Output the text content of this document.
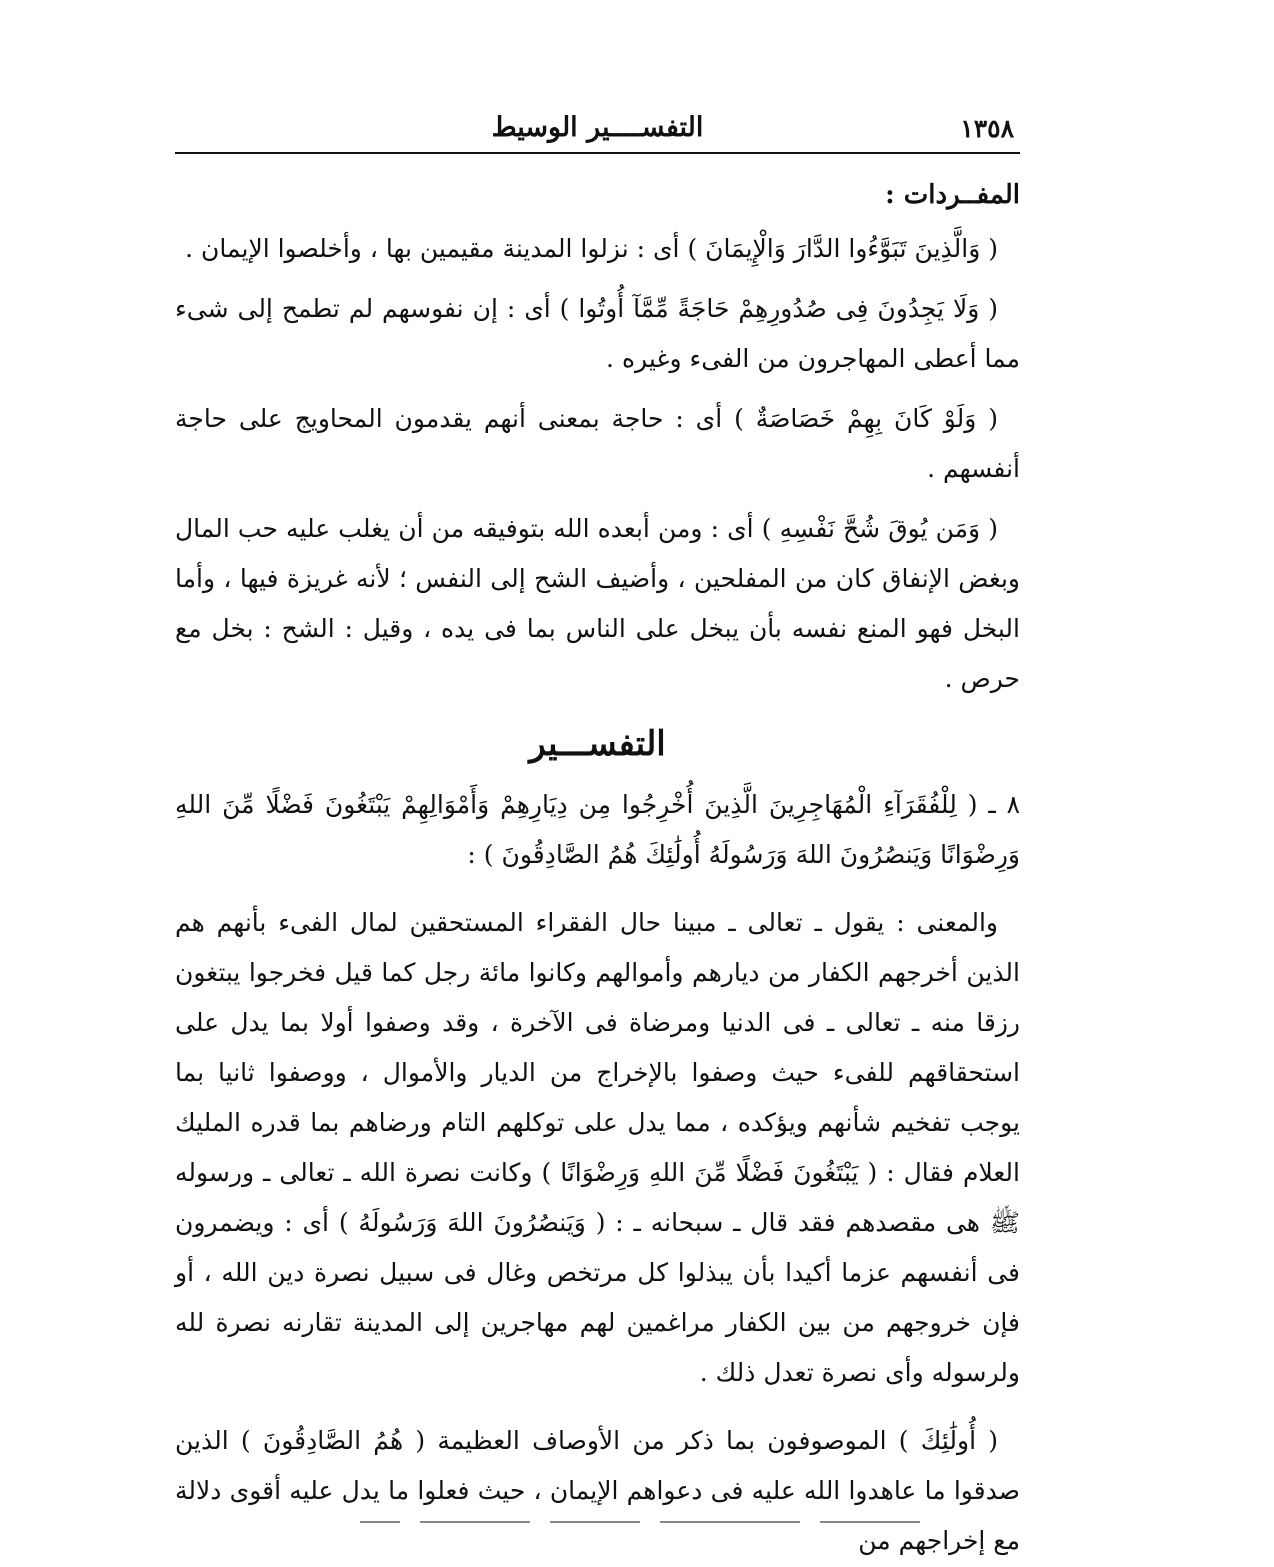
التفســــير الوسيط	١٣٥٨
المفــردات :

( وَالَّذِينَ تَبَوَّءُوا الدَّارَ وَالْإِيمَانَ ) أى : نزلوا المدينة مقيمين بها ، وأخلصوا الإيمان .

( وَلَا يَجِدُونَ فِى صُدُورِهِمْ حَاجَةً مِّمَّآ أُوتُوا ) أى : إن نفوسهم لم تطمح إلى شىء مما أعطى المهاجرون من الفىء وغيره .

( وَلَوْ كَانَ بِهِمْ خَصَاصَةٌ ) أى : حاجة بمعنى أنهم يقدمون المحاويج على حاجة أنفسهم .

( وَمَن يُوقَ شُحَّ نَفْسِهِ ) أى : ومن أبعده الله بتوفيقه من أن يغلب عليه حب المال وبغض الإنفاق كان من المفلحين ، وأضيف الشح إلى النفس ؛ لأنه غريزة فيها ، وأما البخل فهو المنع نفسه بأن يبخل على الناس بما فى يده ، وقيل : الشح : بخل مع حرص .

التفســـير

٨ ـ ( لِلْفُقَرَآءِ الْمُهَاجِرِينَ الَّذِينَ أُخْرِجُوا مِن دِيَارِهِمْ وَأَمْوَالِهِمْ يَبْتَغُونَ فَضْلًا مِّنَ اللهِ وَرِضْوَانًا وَيَنصُرُونَ اللهَ وَرَسُولَهُ أُولَٰئِكَ هُمُ الصَّادِقُونَ ) :

والمعنى : يقول ـ تعالى ـ مبينا حال الفقراء المستحقين لمال الفىء بأنهم هم الذين أخرجهم الكفار من ديارهم وأموالهم وكانوا مائة رجل كما قيل فخرجوا يبتغون رزقا منه ـ تعالى ـ فى الدنيا ومرضاة فى الآخرة ، وقد وصفوا أولا بما يدل على استحقاقهم للفىء حيث وصفوا بالإخراج من الديار والأموال ، ووصفوا ثانيا بما يوجب تفخيم شأنهم ويؤكده ، مما يدل على توكلهم التام ورضاهم بما قدره المليك العلام فقال : ( يَبْتَغُونَ فَضْلًا مِّنَ اللهِ وَرِضْوَانًا ) وكانت نصرة الله ـ تعالى ـ ورسوله ﷺ هى مقصدهم فقد قال ـ سبحانه ـ : ( وَيَنصُرُونَ اللهَ وَرَسُولَهُ ) أى : ويضمرون فى أنفسهم عزما أكيدا بأن يبذلوا كل مرتخص وغال فى سبيل نصرة دين الله ، أو فإن خروجهم من بين الكفار مراغمين لهم مهاجرين إلى المدينة تقارنه نصرة لله ولرسوله وأى نصرة تعدل ذلك .

( أُولَٰئِكَ ) الموصوفون بما ذكر من الأوصاف العظيمة ( هُمُ الصَّادِقُونَ ) الذين صدقوا ما عاهدوا الله عليه فى دعواهم الإيمان ، حيث فعلوا ما يدل عليه أقوى دلالة مع إخراجهم من
